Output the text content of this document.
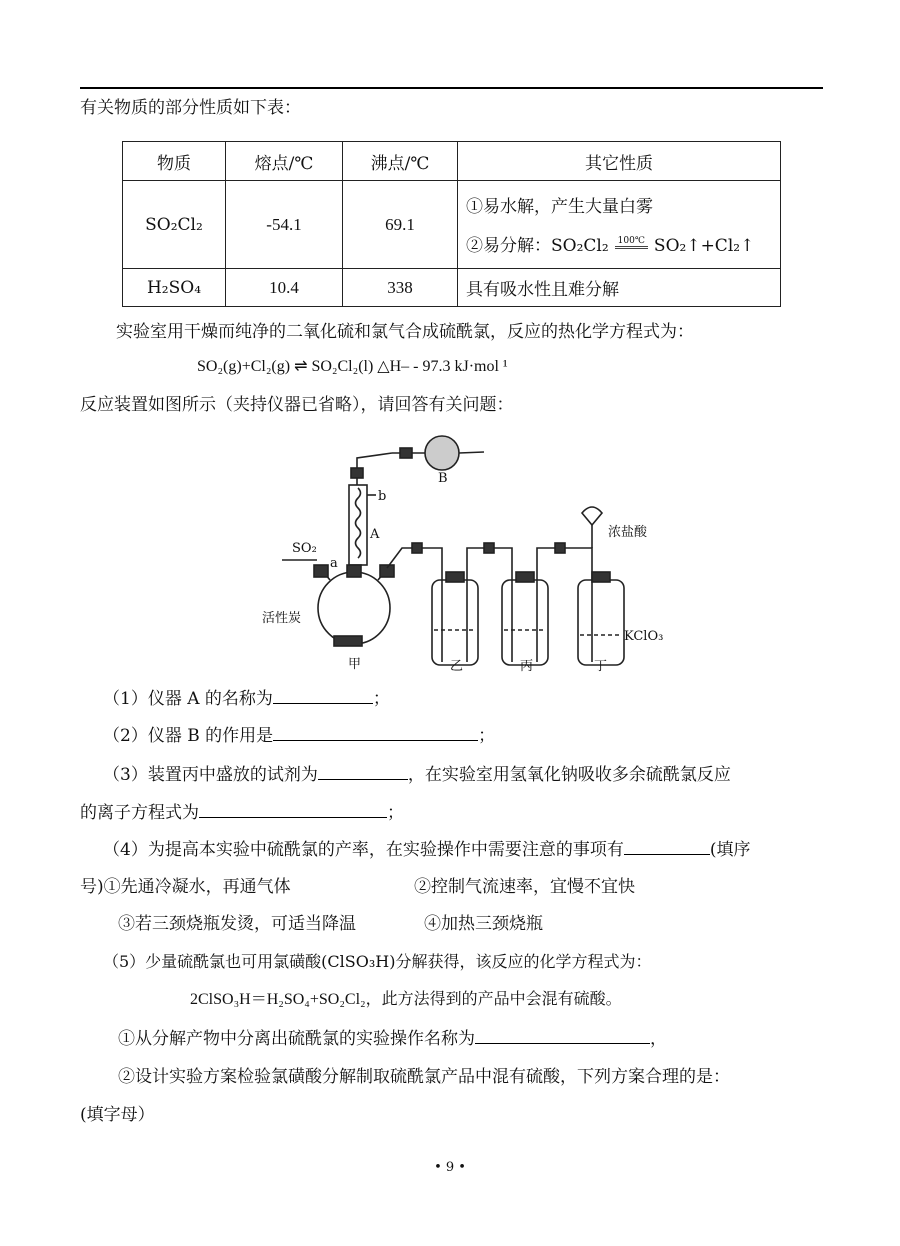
有关物质的部分性质如下表：
物质	熔点/℃	沸点/℃	其它性质
SO₂Cl₂	-54.1	69.1	①易水解，产生大量白雾
②易分解：SO₂Cl₂ 100℃ SO₂↑+Cl₂↑

H₂SO₄	10.4	338	具有吸水性且难分解
实验室用干燥而纯净的二氧化硫和氯气合成硫酰氯，反应的热化学方程式为：
SO₂(g)+Cl₂(g) ⇌ SO₂Cl₂(l) △H– - 97.3 kJ·mol ¹
反应装置如图所示（夹持仪器已省略），请回答有关问题：
B
b
A
SO₂
a
活性炭
浓盐酸
KClO₃
甲	乙	丙	丁
（1）仪器 A 的名称为	；
（2）仪器 B 的作用是	；
（3）装置丙中盛放的试剂为	，在实验室用氢氧化钠吸收多余硫酰氯反应
的离子方程式为	；
（4）为提高本实验中硫酰氯的产率，在实验操作中需要注意的事项有	(填序
号)①先通冷凝水，再通气体	②控制气流速率，宜慢不宜快
③若三颈烧瓶发烫，可适当降温	④加热三颈烧瓶
（5）少量硫酰氯也可用氯磺酸(ClSO₃H)分解获得，该反应的化学方程式为：
2ClSO₃H＝H₂SO₄+SO₂Cl₂，此方法得到的产品中会混有硫酸。
①从分解产物中分离出硫酰氯的实验操作名称为	，
②设计实验方案检验氯磺酸分解制取硫酰氯产品中混有硫酸，下列方案合理的是：
(填字母）
• 9 •
